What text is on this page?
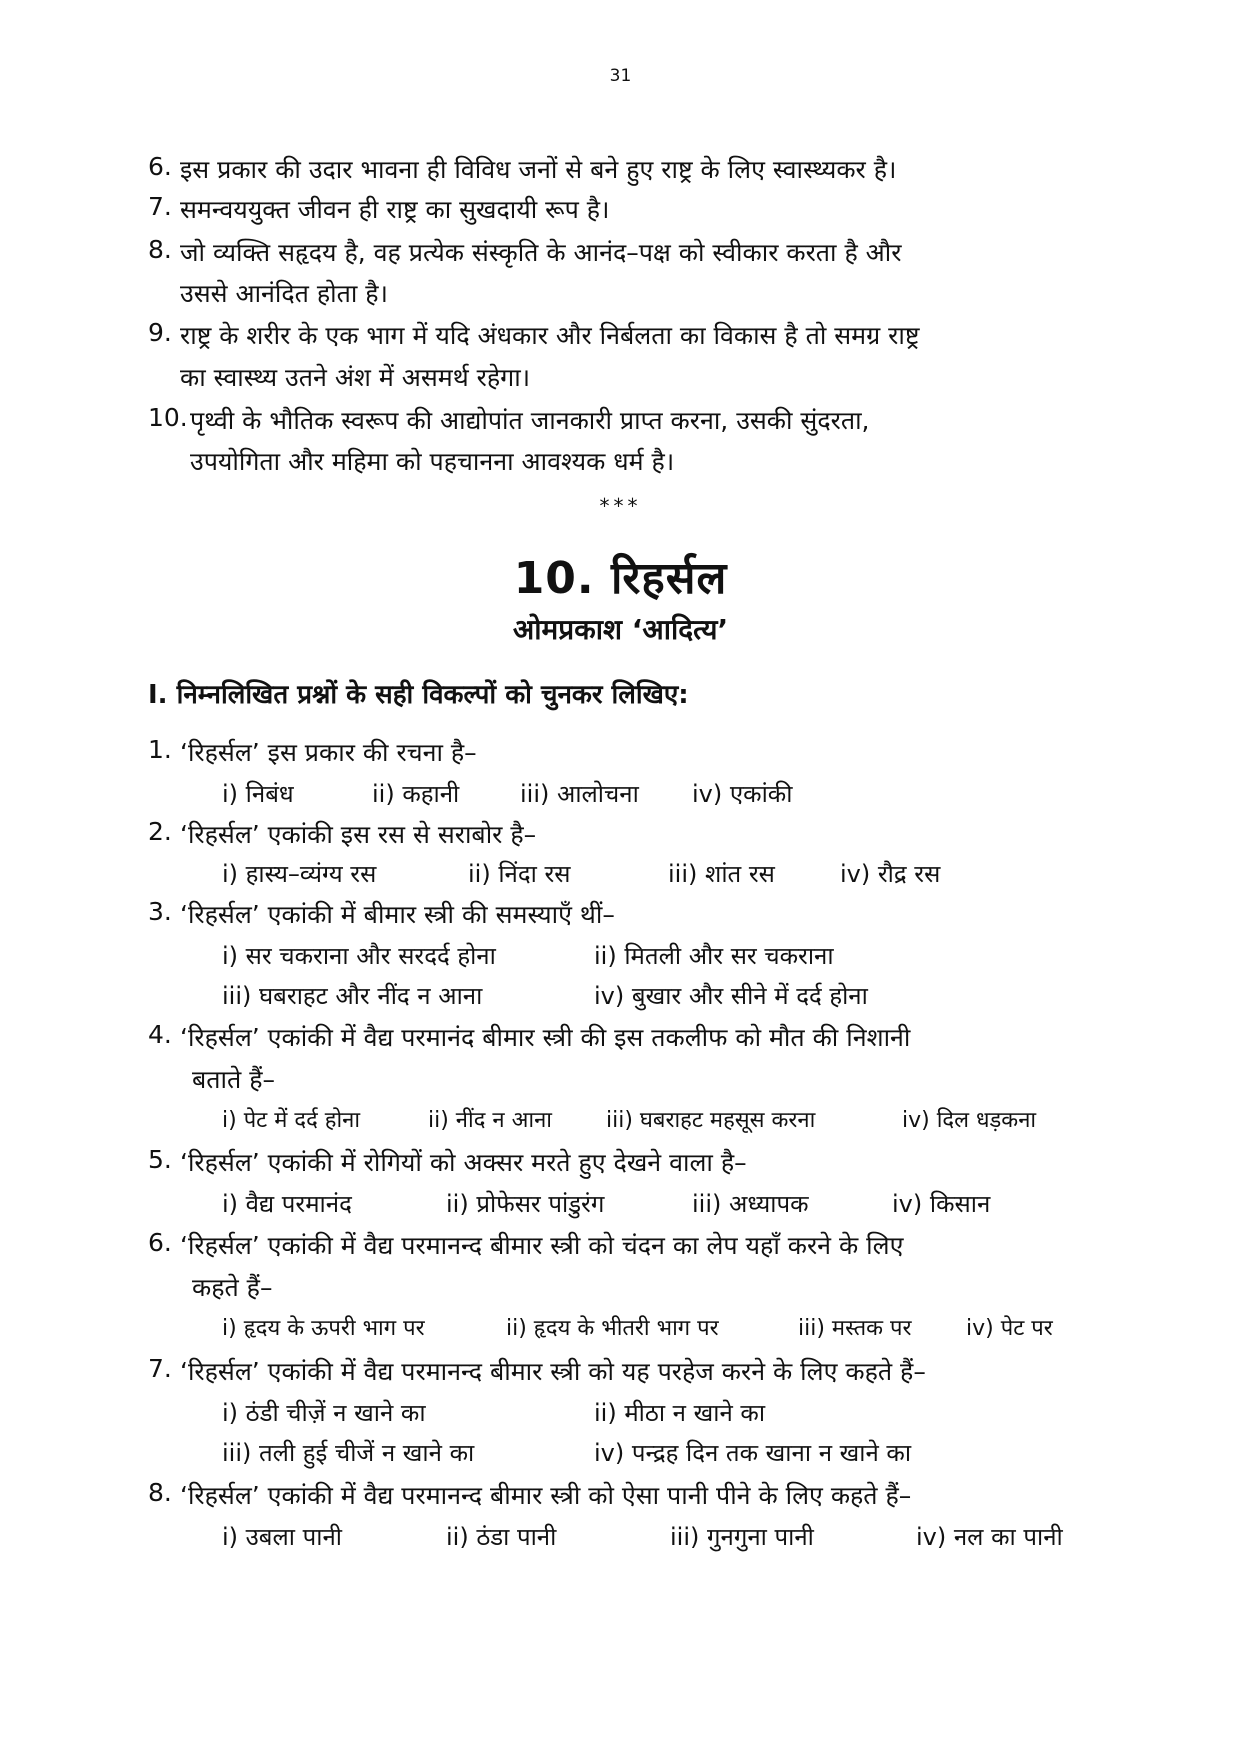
31
6. इस प्रकार की उदार भावना ही विविध जनों से बने हुए राष्ट्र के लिए स्वास्थ्यकर है।
7. समन्वययुक्त जीवन ही राष्ट्र का सुखदायी रूप है।
8. जो व्यक्ति सहृदय है, वह प्रत्येक संस्कृति के आनंद–पक्ष को स्वीकार करता है और
उससे आनंदित होता है।
9. राष्ट्र के शरीर के एक भाग में यदि अंधकार और निर्बलता का विकास है तो समग्र राष्ट्र
का स्वास्थ्य उतने अंश में असमर्थ रहेगा।
10. पृथ्वी के भौतिक स्वरूप की आद्योपांत जानकारी प्राप्त करना, उसकी सुंदरता,
उपयोगिता और महिमा को पहचानना आवश्यक धर्म है।
***
10. रिहर्सल
ओमप्रकाश ‘आदित्य’
I. निम्नलिखित प्रश्नों के सही विकल्पों को चुनकर लिखिए:
1. ‘रिहर्सल’ इस प्रकार की रचना है–
i) निबंध	ii) कहानी	iii) आलोचना iv) एकांकी
2. ‘रिहर्सल’ एकांकी इस रस से सराबोर है–
i) हास्य–व्यंग्य रस	ii) निंदा रस	iii) शांत रस	iv) रौद्र रस
3. ‘रिहर्सल’ एकांकी में बीमार स्त्री की समस्याएँ थीं–
i) सर चकराना और सरदर्द होना	ii) मितली और सर चकराना
iii) घबराहट और नींद न आना	iv) बुखार और सीने में दर्द होना
4. ‘रिहर्सल’ एकांकी में वैद्य परमानंद बीमार स्त्री की इस तकलीफ को मौत की निशानी
बताते हैं–
i) पेट में दर्द होना	ii) नींद न आना iii) घबराहट महसूस करना	iv) दिल धड़कना
5. ‘रिहर्सल’ एकांकी में रोगियों को अक्सर मरते हुए देखने वाला है–
i) वैद्य परमानंद	ii) प्रोफेसर पांडुरंग	iii) अध्यापक	iv) किसान
6. ‘रिहर्सल’ एकांकी में वैद्य परमानन्द बीमार स्त्री को चंदन का लेप यहाँ करने के लिए
कहते हैं–
i) हृदय के ऊपरी भाग पर	ii) हृदय के भीतरी भाग पर	iii) मस्तक पर iv) पेट पर
7. ‘रिहर्सल’ एकांकी में वैद्य परमानन्द बीमार स्त्री को यह परहेज करने के लिए कहते हैं–
i) ठंडी चीज़ें न खाने का	ii) मीठा न खाने का
iii) तली हुई चीजें न खाने का	iv) पन्द्रह दिन तक खाना न खाने का
8. ‘रिहर्सल’ एकांकी में वैद्य परमानन्द बीमार स्त्री को ऐसा पानी पीने के लिए कहते हैं–
i) उबला पानी	ii) ठंडा पानी	iii) गुनगुना पानी	iv) नल का पानी
